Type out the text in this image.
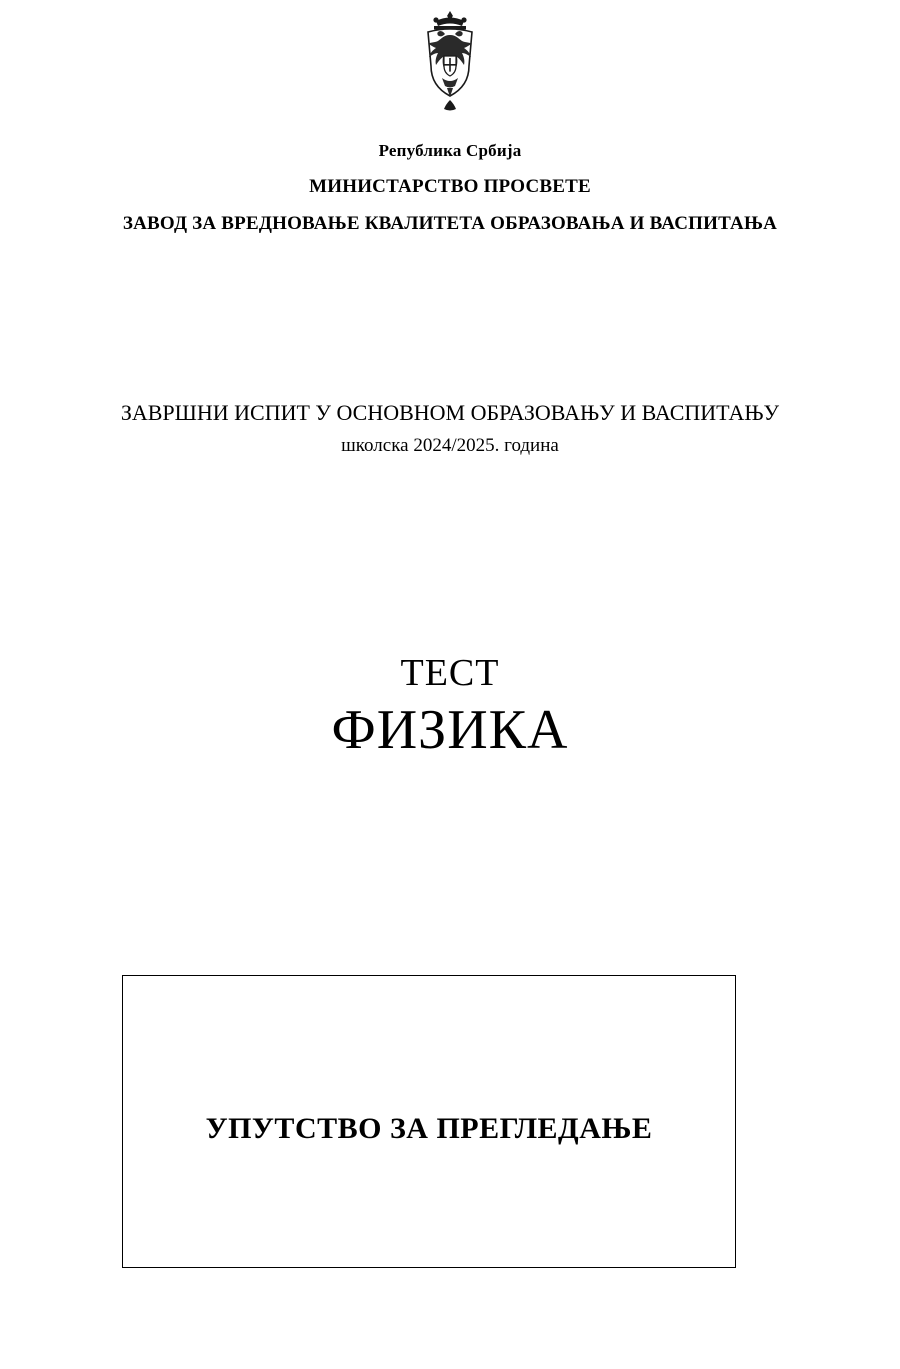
Република Србија
МИНИСТАРСТВО ПРОСВЕТЕ
ЗАВОД ЗА ВРЕДНОВАЊЕ КВАЛИТЕТА ОБРАЗОВАЊА И ВАСПИТАЊА
ЗАВРШНИ ИСПИТ У ОСНОВНОМ ОБРАЗОВАЊУ И ВАСПИТАЊУ
школска 2024/2025. година
ТЕСТ
ФИЗИКА
УПУТСТВО ЗА ПРЕГЛЕДАЊЕ
